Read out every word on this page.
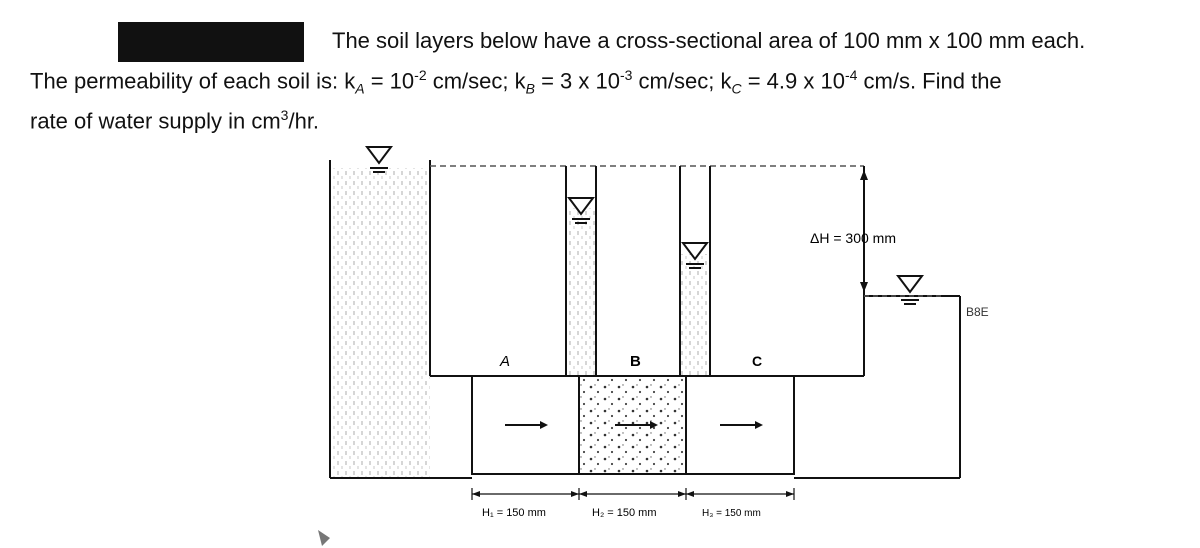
The soil layers below have a cross-sectional area of 100 mm x 100 mm each.
The permeability of each soil is: $k_A = 10^{-2}$ cm/sec; $k_B = 3$ x $10^{-3}$ cm/sec; $k_C = 4.9$ x $10^{-4}$ cm/s. Find the
rate of water supply in $cm^3/hr$.
A	B	C
ΔH = 300 mm
H₁ = 150 mm	H₂ = 150 mm	H₃ = 150 mm
B8E
